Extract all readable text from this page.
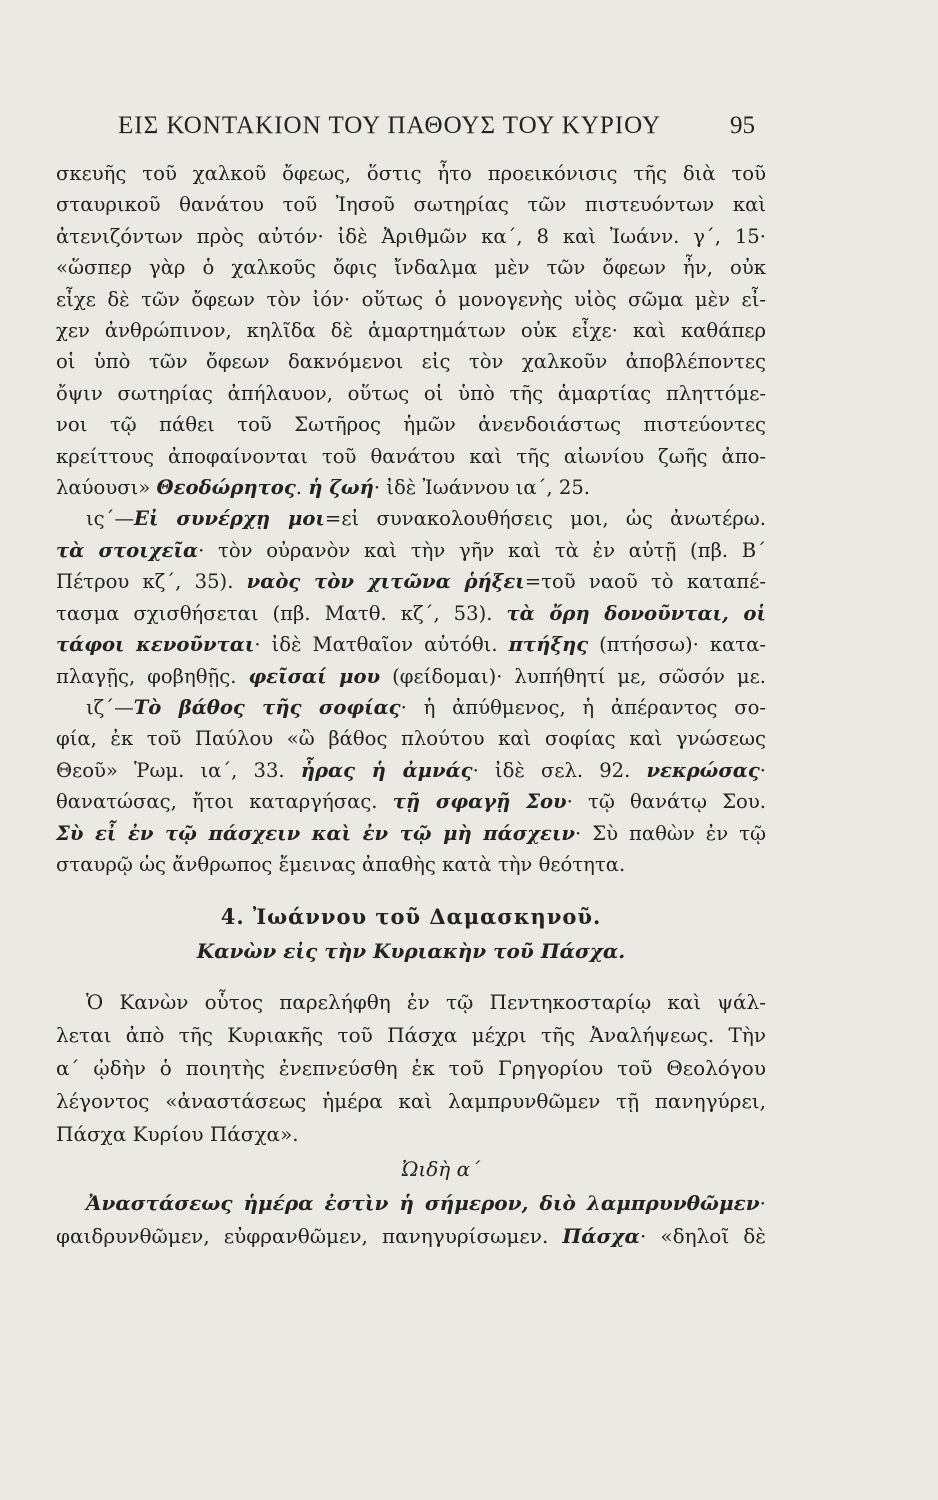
ΕΙΣ ΚΟΝΤΑΚΙΟΝ ΤΟΥ ΠΑΘΟΥΣ ΤΟΥ ΚΥΡΙΟΥ	95
σκευῆς τοῦ χαλκοῦ ὄφεως, ὅστις ἦτο προεικόνισις τῆς διὰ τοῦ
σταυρικοῦ θανάτου τοῦ Ἰησοῦ σωτηρίας τῶν πιστευόντων καὶ
ἀτενιζόντων πρὸς αὐτόν· ἰδὲ Ἀριθμῶν κα΄, 8 καὶ Ἰωάνν. γ΄, 15·
«ὥσπερ γὰρ ὁ χαλκοῦς ὄφις ἴνδαλμα μὲν τῶν ὄφεων ἦν, οὐκ
εἶχε δὲ τῶν ὄφεων τὸν ἰόν· οὕτως ὁ μονογενὴς υἱὸς σῶμα μὲν εἶ-
χεν ἀνθρώπινον, κηλῖδα δὲ ἁμαρτημάτων οὐκ εἶχε· καὶ καθάπερ
οἱ ὑπὸ τῶν ὄφεων δακνόμενοι εἰς τὸν χαλκοῦν ἀποβλέποντες
ὄψιν σωτηρίας ἀπήλαυον, οὕτως οἱ ὑπὸ τῆς ἁμαρτίας πληττόμε-
νοι τῷ πάθει τοῦ Σωτῆρος ἡμῶν ἀνενδοιάστως πιστεύοντες
κρείττους ἀποφαίνονται τοῦ θανάτου καὶ τῆς αἰωνίου ζωῆς ἀπο-
λαύουσι» Θεοδώρητος. ἡ ζωή· ἰδὲ Ἰωάννου ια΄, 25.
ις΄—Εἰ συνέρχῃ μοι=εἰ συνακολουθήσεις μοι, ὡς ἀνωτέρω.
τὰ στοιχεῖα· τὸν οὐρανὸν καὶ τὴν γῆν καὶ τὰ ἐν αὐτῇ (πβ. Β΄
Πέτρου κζ΄, 35). ναὸς τὸν χιτῶνα ῥήξει=τοῦ ναοῦ τὸ καταπέ-
τασμα σχισθήσεται (πβ. Ματθ. κζ΄, 53). τὰ ὄρη δονοῦνται, οἱ
τάφοι κενοῦνται· ἰδὲ Ματθαῖον αὐτόθι. πτήξης (πτήσσω)· κατα-
πλαγῇς, φοβηθῇς. φεῖσαί μου (φείδομαι)· λυπήθητί με, σῶσόν με.
ιζ΄—Τὸ βάθος τῆς σοφίας· ἡ ἀπύθμενος, ἡ ἀπέραντος σο-
φία, ἐκ τοῦ Παύλου «ὢ βάθος πλούτου καὶ σοφίας καὶ γνώσεως
Θεοῦ» Ῥωμ. ια΄, 33. ἦρας ἡ ἀμνάς· ἰδὲ σελ. 92. νεκρώσας·
θανατώσας, ἤτοι καταργήσας. τῇ σφαγῇ Σου· τῷ θανάτῳ Σου.
Σὺ εἶ ἐν τῷ πάσχειν καὶ ἐν τῷ μὴ πάσχειν· Σὺ παθὼν ἐν τῷ
σταυρῷ ὡς ἄνθρωπος ἔμεινας ἀπαθὴς κατὰ τὴν θεότητα.
4. Ἰωάννου τοῦ Δαμασκηνοῦ.
Κανὼν εἰς τὴν Κυριακὴν τοῦ Πάσχα.
Ὁ Κανὼν οὗτος παρελήφθη ἐν τῷ Πεντηκοσταρίῳ καὶ ψάλ-
λεται ἀπὸ τῆς Κυριακῆς τοῦ Πάσχα μέχρι τῆς Ἀναλήψεως. Τὴν
α΄ ᾠδὴν ὁ ποιητὴς ἐνεπνεύσθη ἐκ τοῦ Γρηγορίου τοῦ Θεολόγου
λέγοντος «ἀναστάσεως ἡμέρα καὶ λαμπρυνθῶμεν τῇ πανηγύρει,
Πάσχα Κυρίου Πάσχα».
Ὠιδὴ α΄
Ἀναστάσεως ἡμέρα ἐστὶν ἡ σήμερον, διὸ λαμπρυνθῶμεν·
φαιδρυνθῶμεν, εὐφρανθῶμεν, πανηγυρίσωμεν. Πάσχα· «δηλοῖ δὲ
